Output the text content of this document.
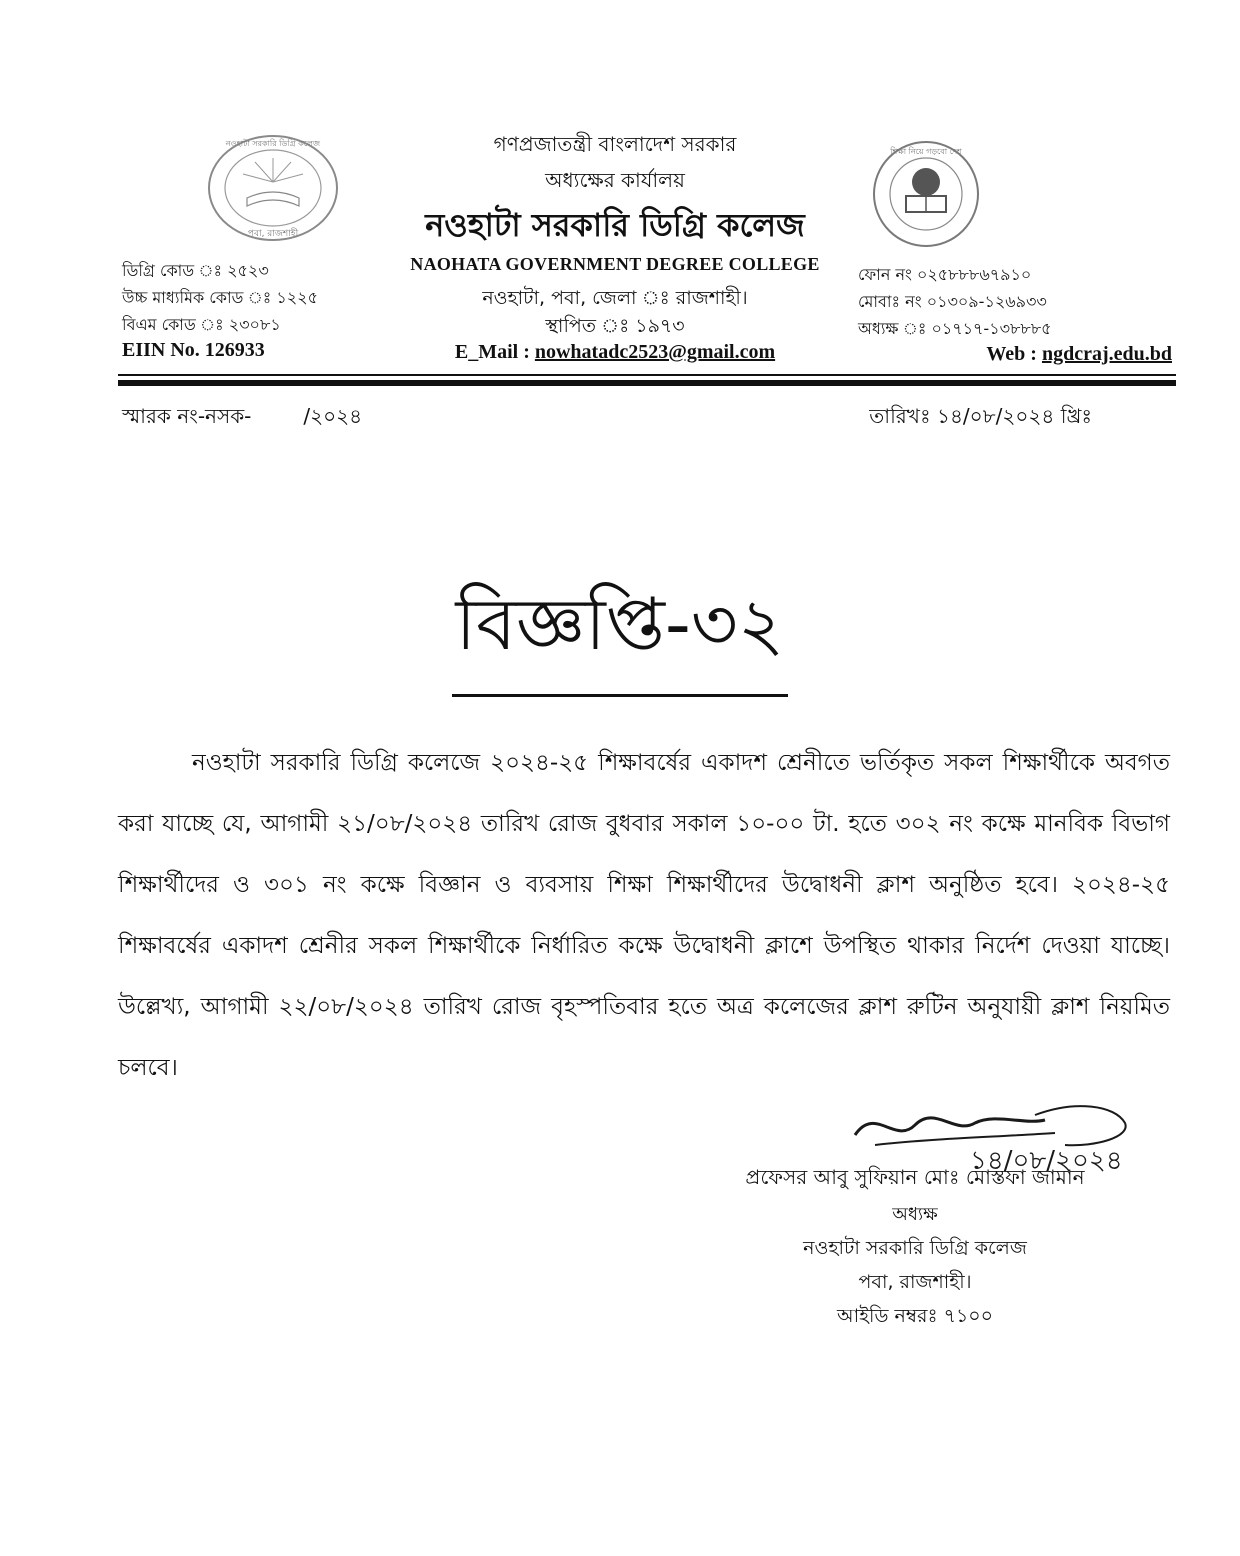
নওহাটা সরকারি ডিগ্রি কলেজ
পবা, রাজশাহী
শিক্ষা নিয়ে গড়বো দেশ
গণপ্রজাতন্ত্রী বাংলাদেশ সরকার
অধ্যক্ষের কার্যালয়
নওহাটা সরকারি ডিগ্রি কলেজ
NAOHATA GOVERNMENT DEGREE COLLEGE
নওহাটা, পবা, জেলা ঃ রাজশাহী।
স্থাপিত ঃ ১৯৭৩
E_Mail : nowhatadc2523@gmail.com
ডিগ্রি কোড ঃ ২৫২৩
উচ্চ মাধ্যমিক কোড ঃ ১২২৫
বিএম কোড ঃ ২৩০৮১
EIIN No. 126933
ফোন নং ০২৫৮৮৮৬৭৯১০
মোবাঃ নং ০১৩০৯-১২৬৯৩৩
অধ্যক্ষ ঃ ০১৭১৭-১৩৮৮৮৫
Web : ngdcraj.edu.bd
স্মারক নং-নসক-	/২০২৪	তারিখঃ ১৪/০৮/২০২৪ খ্রিঃ
বিজ্ঞপ্তি-৩২
নওহাটা সরকারি ডিগ্রি কলেজে ২০২৪-২৫ শিক্ষাবর্ষের একাদশ শ্রেনীতে ভর্তিকৃত সকল শিক্ষার্থীকে অবগত করা যাচ্ছে যে, আগামী ২১/০৮/২০২৪ তারিখ রোজ বুধবার সকাল ১০-০০ টা. হতে ৩০২ নং কক্ষে মানবিক বিভাগ শিক্ষার্থীদের ও ৩০১ নং কক্ষে বিজ্ঞান ও ব্যবসায় শিক্ষা শিক্ষার্থীদের উদ্বোধনী ক্লাশ অনুষ্ঠিত হবে। ২০২৪-২৫ শিক্ষাবর্ষের একাদশ শ্রেনীর সকল শিক্ষার্থীকে নির্ধারিত কক্ষে উদ্বোধনী ক্লাশে উপস্থিত থাকার নির্দেশ দেওয়া যাচ্ছে। উল্লেখ্য, আগামী ২২/০৮/২০২৪ তারিখ রোজ বৃহস্পতিবার হতে অত্র কলেজের ক্লাশ রুটিন অনুযায়ী ক্লাশ নিয়মিত চলবে।
১৪/০৮/২০২৪
প্রফেসর আবু সুফিয়ান মোঃ মোস্তফা জামান
অধ্যক্ষ
নওহাটা সরকারি ডিগ্রি কলেজ
পবা, রাজশাহী।
আইডি নম্বরঃ ৭১০০
